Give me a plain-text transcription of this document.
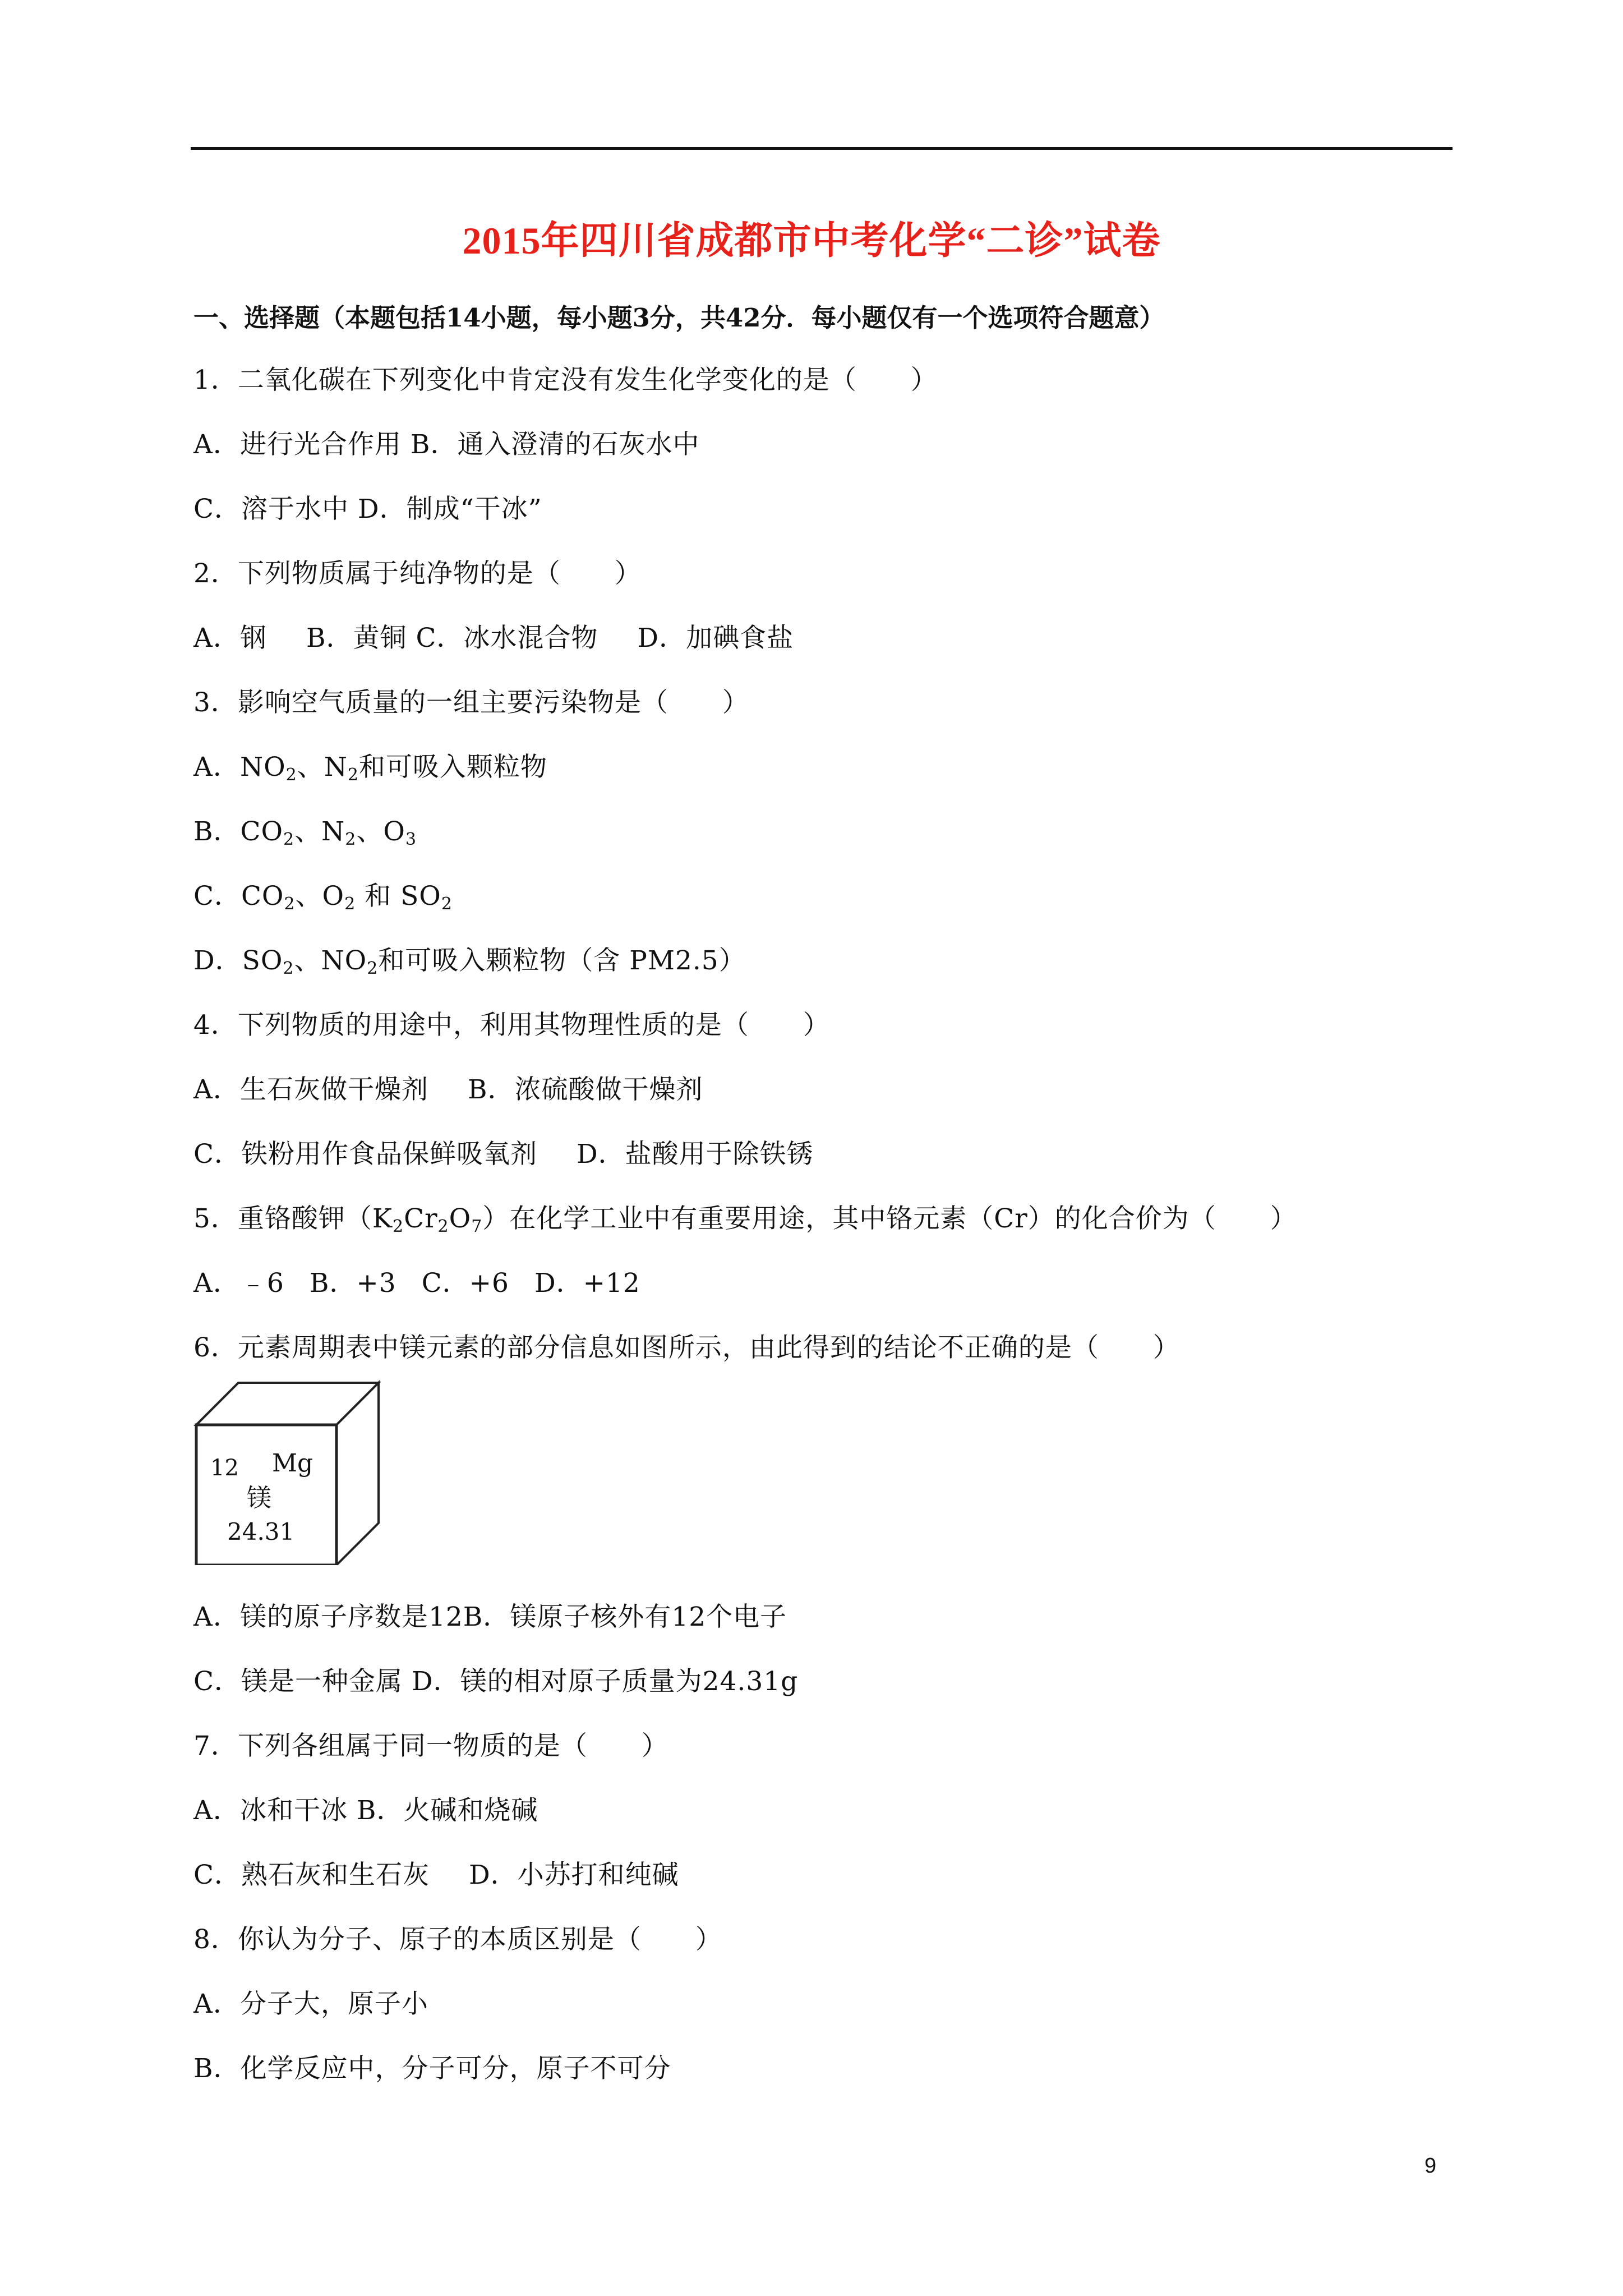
2015年四川省成都市中考化学“二诊”试卷
一、选择题（本题包括14小题，每小题3分，共42分．每小题仅有一个选项符合题意）
1．二氧化碳在下列变化中肯定没有发生化学变化的是（　　）
A．进行光合作用 B．通入澄清的石灰水中
C．溶于水中 D．制成“干冰”
2．下列物质属于纯净物的是（　　）
A．钢 B．黄铜 C．冰水混合物 D．加碘食盐
3．影响空气质量的一组主要污染物是（　　）
A．$NO_2$、$N_2$和可吸入颗粒物
B．$CO_2$、$N_2$、$O_3$
C．$CO_2$、$O_2$ 和 $SO_2$
D．$SO_2$、$NO_2$和可吸入颗粒物（含 PM2.5）
4．下列物质的用途中，利用其物理性质的是（　　）
A．生石灰做干燥剂 B．浓硫酸做干燥剂
C．铁粉用作食品保鲜吸氧剂 D．盐酸用于除铁锈
5．重铬酸钾$(K_2Cr_2O_7)$在化学工业中有重要用途，其中铬元素（Cr）的化合价为（　　）
A．﹣6 B．+3 C．+6 D．+12
6．元素周期表中镁元素的部分信息如图所示，由此得到的结论不正确的是（　　）
12 Mg
镁
24.31
A．镁的原子序数是12B．镁原子核外有12个电子
C．镁是一种金属 D．镁的相对原子质量为24.31g
7．下列各组属于同一物质的是（　　）
A．冰和干冰 B．火碱和烧碱
C．熟石灰和生石灰 D．小苏打和纯碱
8．你认为分子、原子的本质区别是（　　）
A．分子大，原子小
B．化学反应中，分子可分，原子不可分
9
